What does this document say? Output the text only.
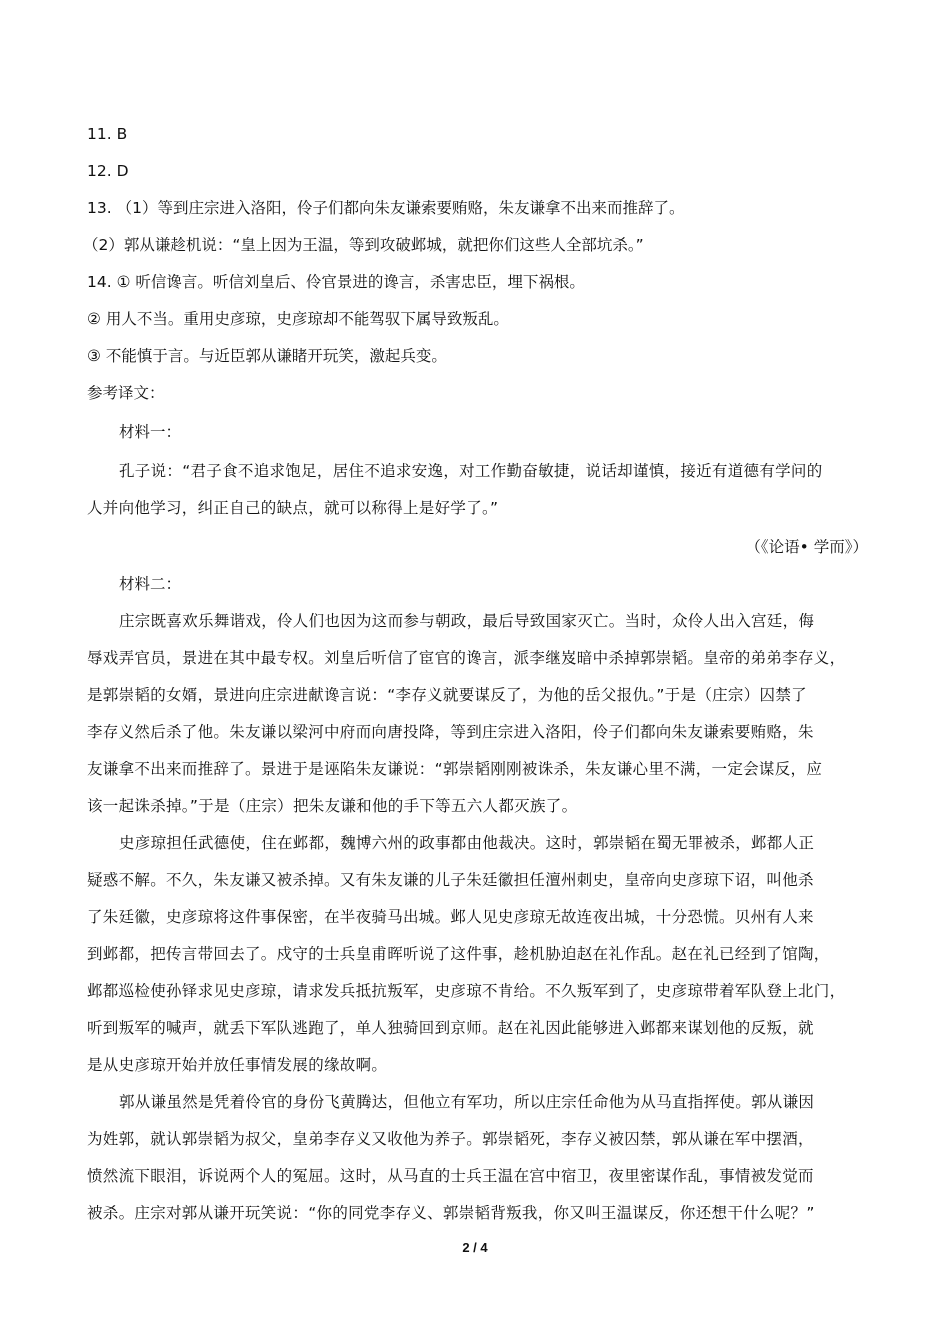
11. B
12. D
13. （1）等到庄宗进入洛阳，伶子们都向朱友谦索要贿赂，朱友谦拿不出来而推辞了。
（2）郭从谦趁机说：“皇上因为王温，等到攻破邺城，就把你们这些人全部坑杀。”
14. ① 听信谗言。听信刘皇后、伶官景进的谗言，杀害忠臣，埋下祸根。
② 用人不当。重用史彦琼，史彦琼却不能驾驭下属导致叛乱。
③ 不能慎于言。与近臣郭从谦睹开玩笑，激起兵变。
参考译文：
材料一：
孔子说：“君子食不追求饱足，居住不追求安逸，对工作勤奋敏捷，说话却谨慎，接近有道德有学问的
人并向他学习，纠正自己的缺点，就可以称得上是好学了。”
（《论语• 学而》）
材料二：
庄宗既喜欢乐舞谐戏，伶人们也因为这而参与朝政，最后导致国家灭亡。当时，众伶人出入宫廷，侮
辱戏弄官员，景进在其中最专权。刘皇后听信了宦官的谗言，派李继岌暗中杀掉郭崇韬。皇帝的弟弟李存义，
是郭崇韬的女婿，景进向庄宗进献谗言说：“李存义就要谋反了，为他的岳父报仇。”于是（庄宗）囚禁了
李存义然后杀了他。朱友谦以梁河中府而向唐投降，等到庄宗进入洛阳，伶子们都向朱友谦索要贿赂，朱
友谦拿不出来而推辞了。景进于是诬陷朱友谦说：“郭崇韬刚刚被诛杀，朱友谦心里不满，一定会谋反，应
该一起诛杀掉。”于是（庄宗）把朱友谦和他的手下等五六人都灭族了。
史彦琼担任武德使，住在邺都，魏博六州的政事都由他裁决。这时，郭崇韬在蜀无罪被杀，邺都人正
疑惑不解。不久，朱友谦又被杀掉。又有朱友谦的儿子朱廷徽担任澶州刺史，皇帝向史彦琼下诏，叫他杀
了朱廷徽，史彦琼将这件事保密，在半夜骑马出城。邺人见史彦琼无故连夜出城，十分恐慌。贝州有人来
到邺都，把传言带回去了。戍守的士兵皇甫晖听说了这件事，趁机胁迫赵在礼作乱。赵在礼已经到了馆陶，
邺都巡检使孙铎求见史彦琼，请求发兵抵抗叛军，史彦琼不肯给。不久叛军到了，史彦琼带着军队登上北门，
听到叛军的喊声，就丢下军队逃跑了，单人独骑回到京师。赵在礼因此能够进入邺都来谋划他的反叛，就
是从史彦琼开始并放任事情发展的缘故啊。
郭从谦虽然是凭着伶官的身份飞黄腾达，但他立有军功，所以庄宗任命他为从马直指挥使。郭从谦因
为姓郭，就认郭崇韬为叔父，皇弟李存义又收他为养子。郭崇韬死，李存义被囚禁，郭从谦在军中摆酒，
愤然流下眼泪，诉说两个人的冤屈。这时，从马直的士兵王温在宫中宿卫，夜里密谋作乱，事情被发觉而
被杀。庄宗对郭从谦开玩笑说：“你的同党李存义、郭崇韬背叛我，你又叫王温谋反，你还想干什么呢？”
2 / 4
